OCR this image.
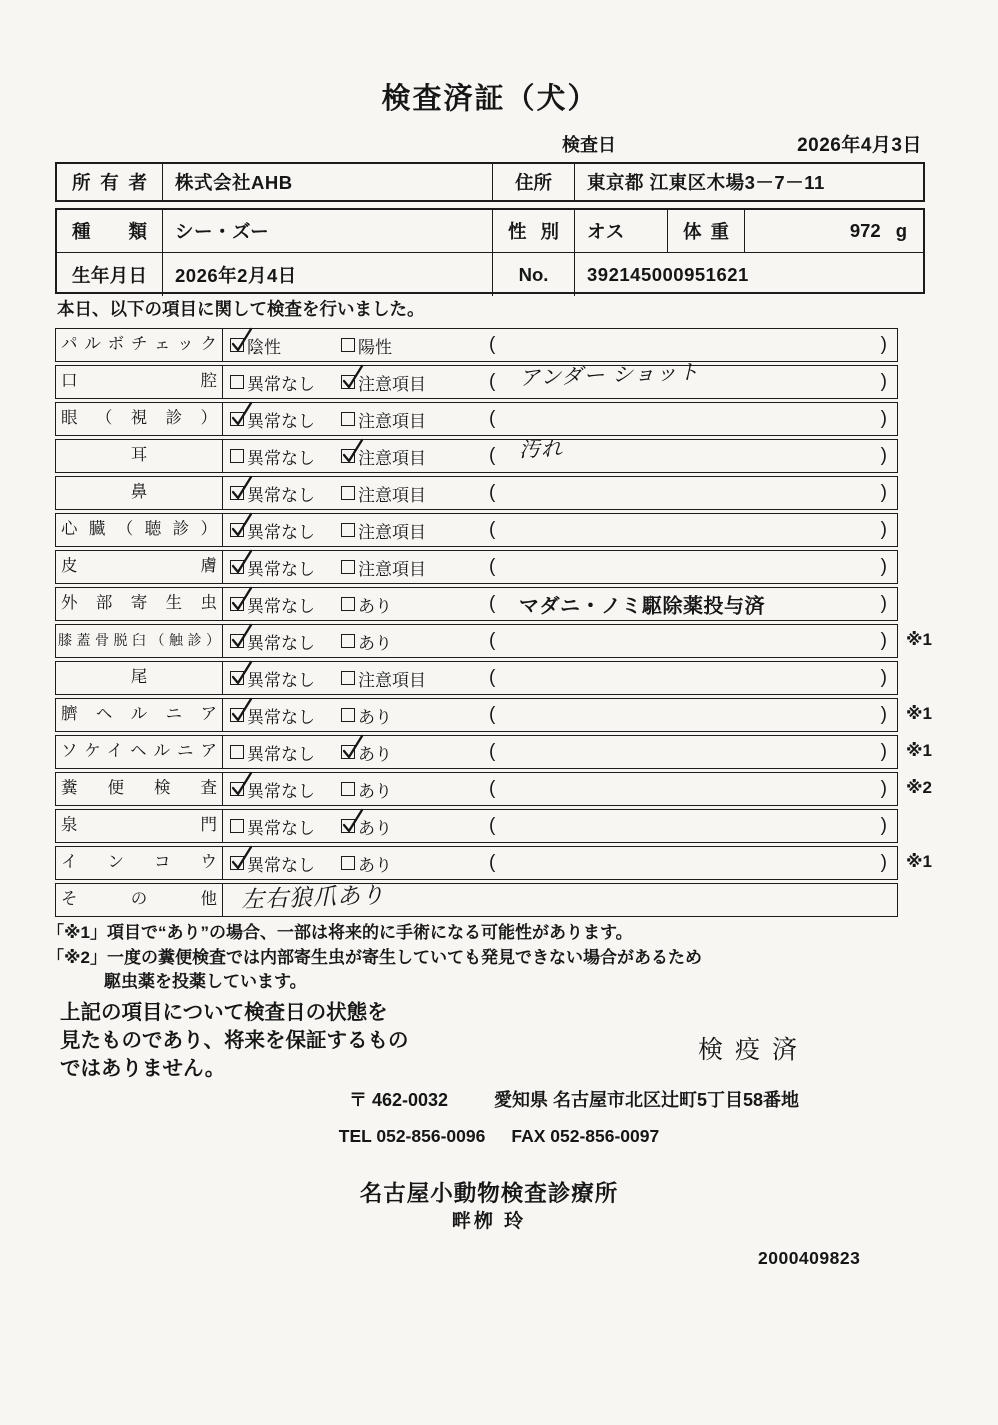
検査済証（犬）
検査日	2026年4月3日
所有者	株式会社AHB	住所	東京都 江東区木場3－7－11
種類	シー・ズー	性別	オス	体重	972 g
生年月日	2026年2月4日	No.	392145000951621
本日、以下の項目に関して検査を行いました。
パルボチェック	陰性	陽性	(	)
口腔	異常なし	注意項目	(	)
アンダー ショット
眼（視診）	異常なし	注意項目	(	)
耳	異常なし	注意項目	(	)
汚れ
鼻	異常なし	注意項目	(	)
心臓（聴診）	異常なし	注意項目	(	)
皮膚	異常なし	注意項目	(	)
外部寄生虫	異常なし	あり	(	)
マダニ・ノミ駆除薬投与済
膝蓋骨脱臼（触診） 異常なし	あり	(	) ※1
尾	異常なし	注意項目	(	)
臍ヘルニア	異常なし	あり	(	) ※1
ソケイヘルニア	異常なし	あり	(	) ※1
糞便検査	異常なし	あり	(	) ※2
泉門	異常なし	あり	(	)
インコウ	異常なし	あり	(	) ※1
その他 左右狼爪あり
「※1」項目で“あり”の場合、一部は将来的に手術になる可能性があります。
「※2」一度の糞便検査では内部寄生虫が寄生していても発見できない場合があるため
駆虫薬を投薬しています。
上記の項目について検査日の状態を
見たものであり、将来を保証するもの
ではありません。
検疫済
〒 462-0032	愛知県 名古屋市北区辻町5丁目58番地
TEL 052-856-0096 FAX 052-856-0097
名古屋小動物検査診療所
畔栁 玲
2000409823
